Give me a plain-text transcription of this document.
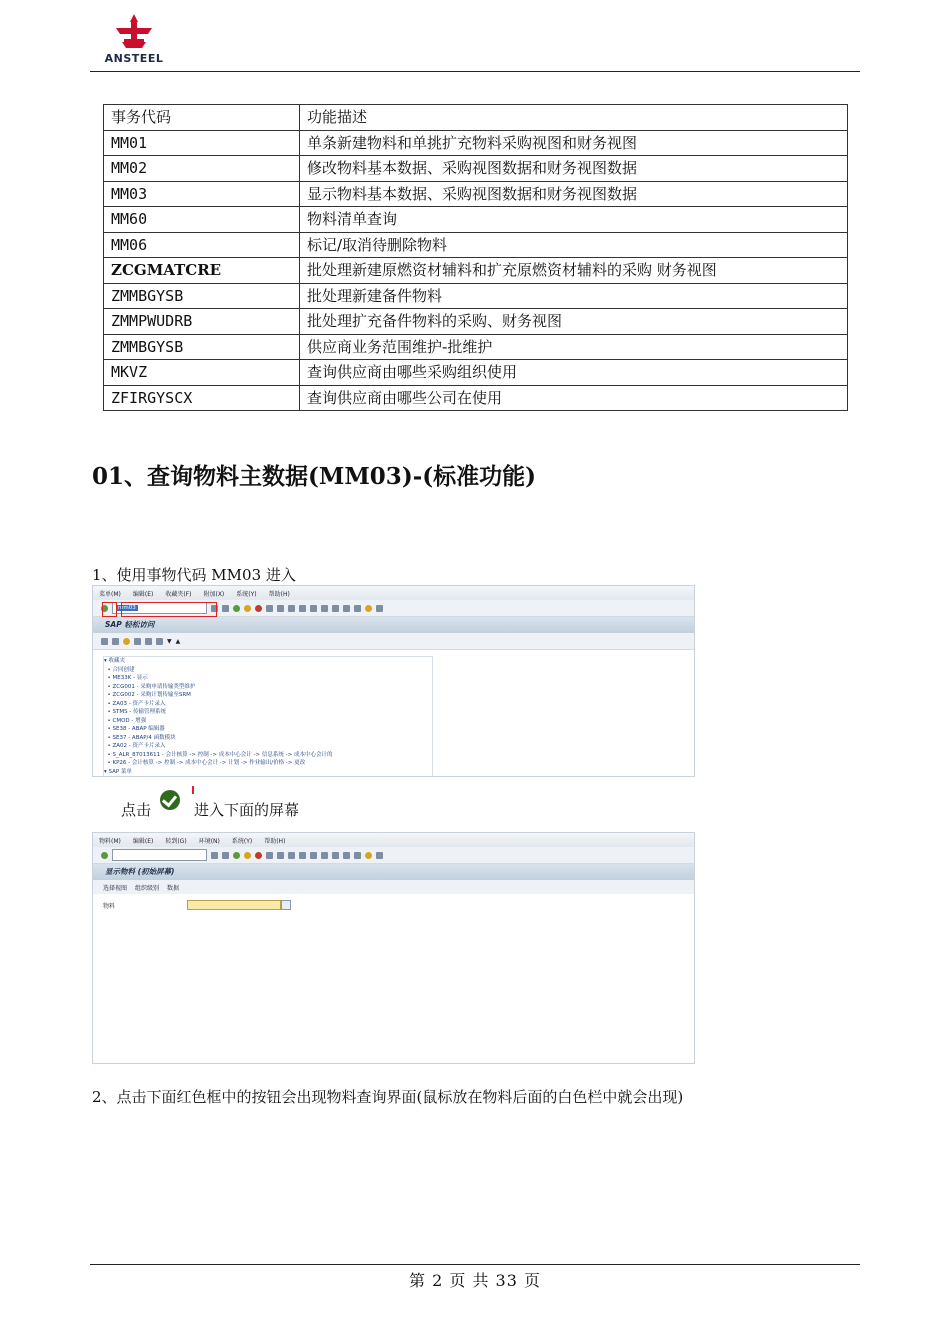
ANSTEEL
事务代码	功能描述
MM01	单条新建物料和单挑扩充物料采购视图和财务视图
MM02	修改物料基本数据、采购视图数据和财务视图数据
MM03	显示物料基本数据、采购视图数据和财务视图数据
MM60	物料清单查询
MM06	标记/取消待删除物料
ZCGMATCRE	批处理新建原燃资材辅料和扩充原燃资材辅料的采购 财务视图
ZMMBGYSB	批处理新建备件物料
ZMMPWUDRB	批处理扩充备件物料的采购、财务视图
ZMMBGYSB	供应商业务范围维护-批维护
MKVZ	查询供应商由哪些采购组织使用
ZFIRGYSCX	查询供应商由哪些公司在使用
01、查询物料主数据(MM03)-(标准功能)
1、使用事物代码 MM03 进入
菜单(M) 编辑(E) 收藏夹(F) 附加(X) 系统(Y) 帮助(H)
mm03
SAP 轻松访问
▼ ▲
▾ 收藏夹
• 合同创建
• ME33K - 显示
• ZCG001 - 采购申请传输类型维护
• ZCG002 - 采购计划传输至SRM
• ZA03 - 资产卡片录入
• STMS - 传输管理系统
• CMOD - 增强
• SE38 - ABAP 编辑器
• SE37 - ABAP/4 函数模块
• ZA02 - 资产卡片录入
• S_ALR_87013611 - 会计核算 -> 控制 -> 成本中心会计 -> 信息系统 -> 成本中心会计的
• KP26 - 会计核算 -> 控制 -> 成本中心会计 -> 计划 -> 作业输出/价格 -> 更改
▾ SAP 菜单
点击	进入下面的屏幕
物料(M) 编辑(E) 转到(G) 环境(N) 系统(Y) 帮助(H)
显示物料 (初始屏幕)
选择视图 组织级别 数据
物料
2、点击下面红色框中的按钮会出现物料查询界面(鼠标放在物料后面的白色栏中就会出现)
第 2 页 共 33 页
